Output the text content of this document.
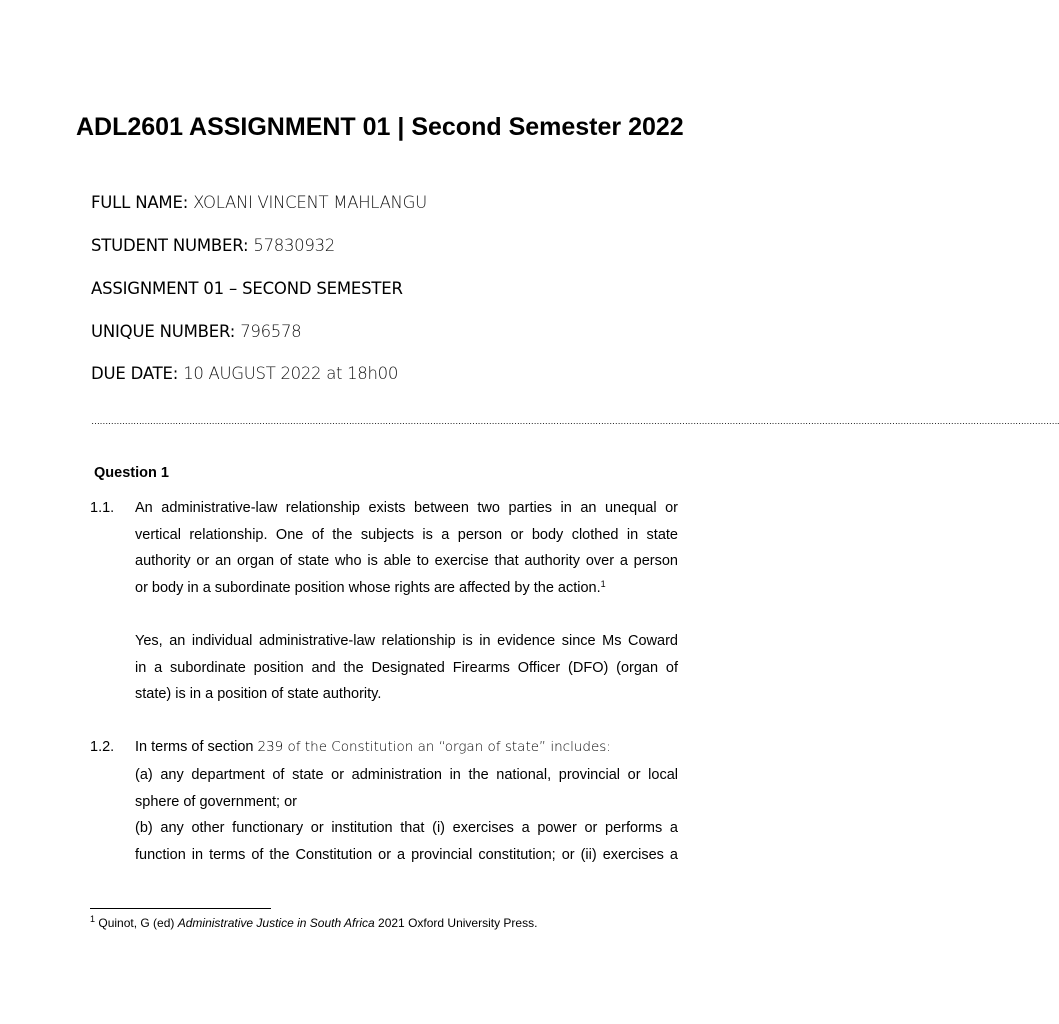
ADL2601 ASSIGNMENT 01 | Second Semester 2022
FULL NAME: XOLANI VINCENT MAHLANGU
STUDENT NUMBER: 57830932
ASSIGNMENT 01 – SECOND SEMESTER
UNIQUE NUMBER: 796578
DUE DATE: 10 AUGUST 2022 at 18h00
………………………………………………………………………………………………………………………………………………………………………………………………………………………………………………………………………………………………………………….
Question 1
1.1. An administrative-law relationship exists between two parties in an unequal or
vertical relationship. One of the subjects is a person or body clothed in state
authority or an organ of state who is able to exercise that authority over a person
or body in a subordinate position whose rights are affected by the action.$^1$
Yes, an individual administrative-law relationship is in evidence since Ms Coward
in a subordinate position and the Designated Firearms Officer (DFO) (organ of
state) is in a position of state authority.
1.2. In terms of section 239 of the Constitution an “organ of state” includes:
(a) any department of state or administration in the national, provincial or local
sphere of government; or
(b) any other functionary or institution that (i) exercises a power or performs a
function in terms of the Constitution or a provincial constitution; or (ii) exercises a
$^1$ Quinot, G (ed) Administrative Justice in South Africa 2021 Oxford University Press.
